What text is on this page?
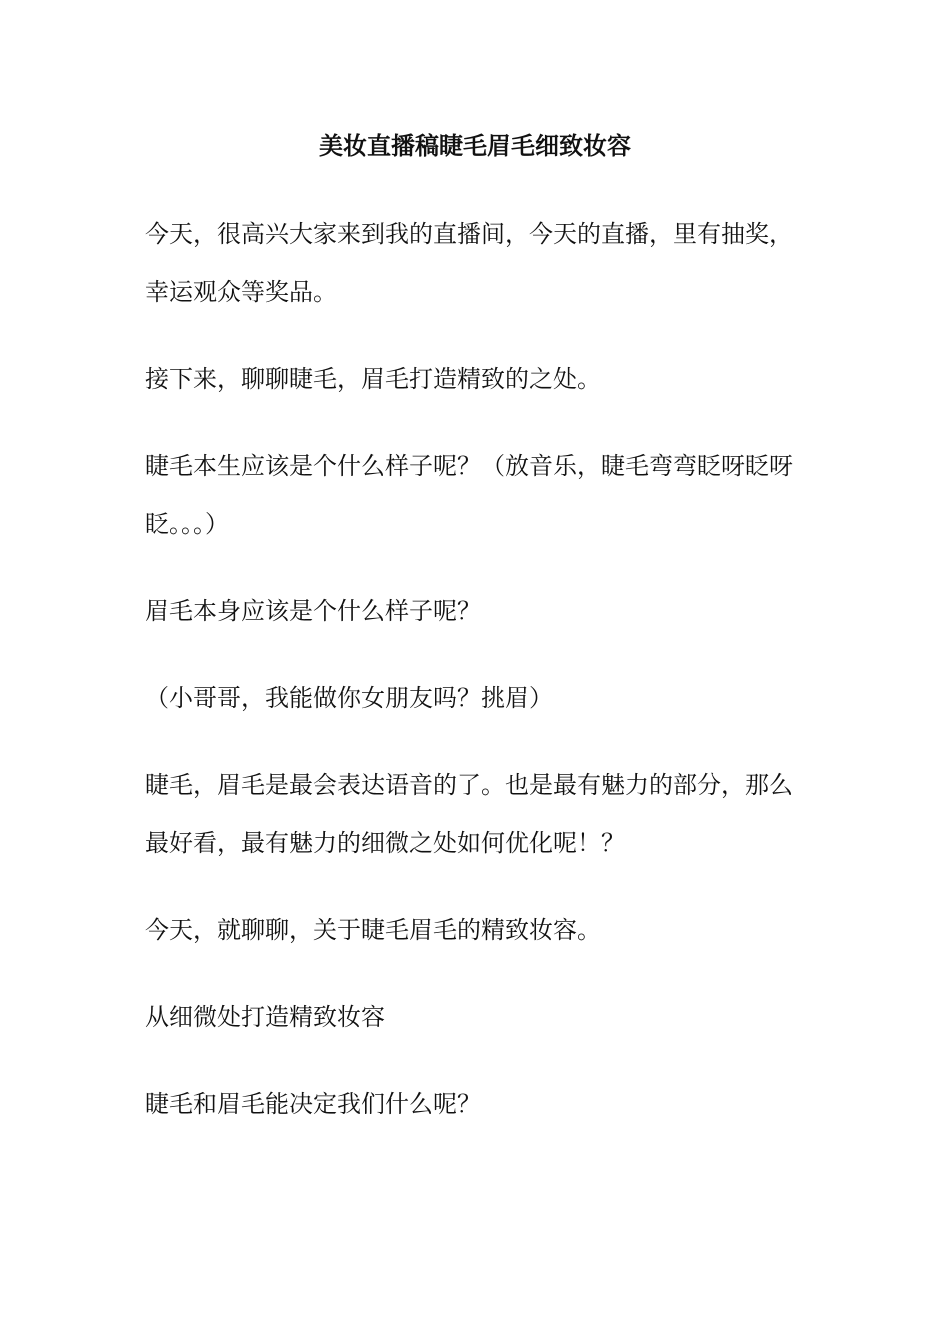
美妆直播稿睫毛眉毛细致妆容

今天，很高兴大家来到我的直播间，今天的直播，里有抽奖，幸运观众等奖品。

接下来，聊聊睫毛，眉毛打造精致的之处。

睫毛本生应该是个什么样子呢？（放音乐，睫毛弯弯眨呀眨呀眨。。。）

眉毛本身应该是个什么样子呢？

（小哥哥，我能做你女朋友吗？挑眉）

睫毛，眉毛是最会表达语音的了。也是最有魅力的部分，那么最好看，最有魅力的细微之处如何优化呢！？

今天，就聊聊，关于睫毛眉毛的精致妆容。

从细微处打造精致妆容

睫毛和眉毛能决定我们什么呢？
